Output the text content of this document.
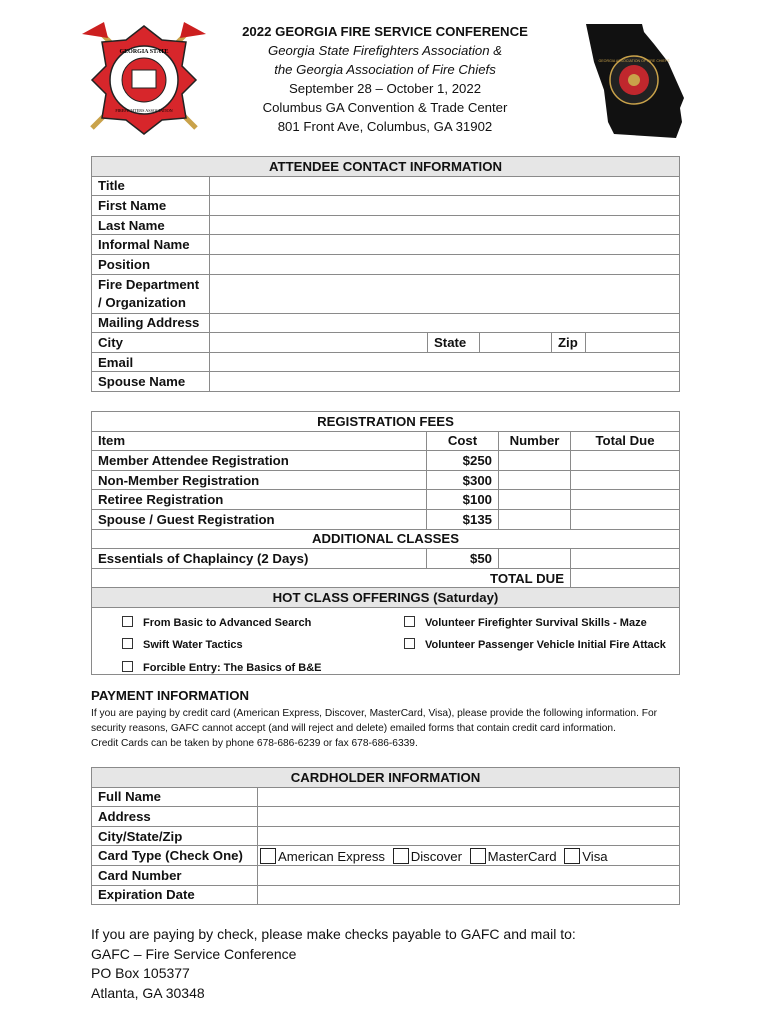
GEORGIA STATE
FIREFIGHTERS ASSOCIATION
GEORGIA ASSOCIATION OF FIRE CHIEFS
2022 GEORGIA FIRE SERVICE CONFERENCE
Georgia State Firefighters Association &
the Georgia Association of Fire Chiefs
September 28 – October 1, 2022
Columbus GA Convention & Trade Center
801 Front Ave, Columbus, GA 31902
ATTENDEE CONTACT INFORMATION					
Title					
First Name					
Last Name					
Informal Name					
Position					

Fire Department
/ Organization					

Mailing Address					
City		State		Zip	
Email					
Spouse Name					
REGISTRATION FEES			
Item	Cost	Number	Total Due
Member Attendee Registration	$250		
Non-Member Registration	$300		
Retiree Registration	$100		
Spouse / Guest Registration	$135		
ADDITIONAL CLASSES			
Essentials of Chaplaincy (2 Days)	$50		
TOTAL DUE			
HOT CLASS OFFERINGS (Saturday)			

From Basic to Advanced Search
Swift Water Tactics
Forcible Entry: The Basics of B&E
Volunteer Firefighter Survival Skills - Maze
Volunteer Passenger Vehicle Initial Fire Attack
PAYMENT INFORMATION
If you are paying by credit card (American Express, Discover, MasterCard, Visa), please provide the following information. For
security reasons, GAFC cannot accept (and will reject and delete) emailed forms that contain credit card information.
Credit Cards can be taken by phone 678-686-6239 or fax 678-686-6339.
CARDHOLDER INFORMATION	
Full Name	
Address	
City/State/Zip	
Card Type (Check One)	American Express Discover MasterCard Visa
Card Number	
Expiration Date	
If you are paying by check, please make checks payable to GAFC and mail to:
GAFC – Fire Service Conference
PO Box 105377
Atlanta, GA 30348
